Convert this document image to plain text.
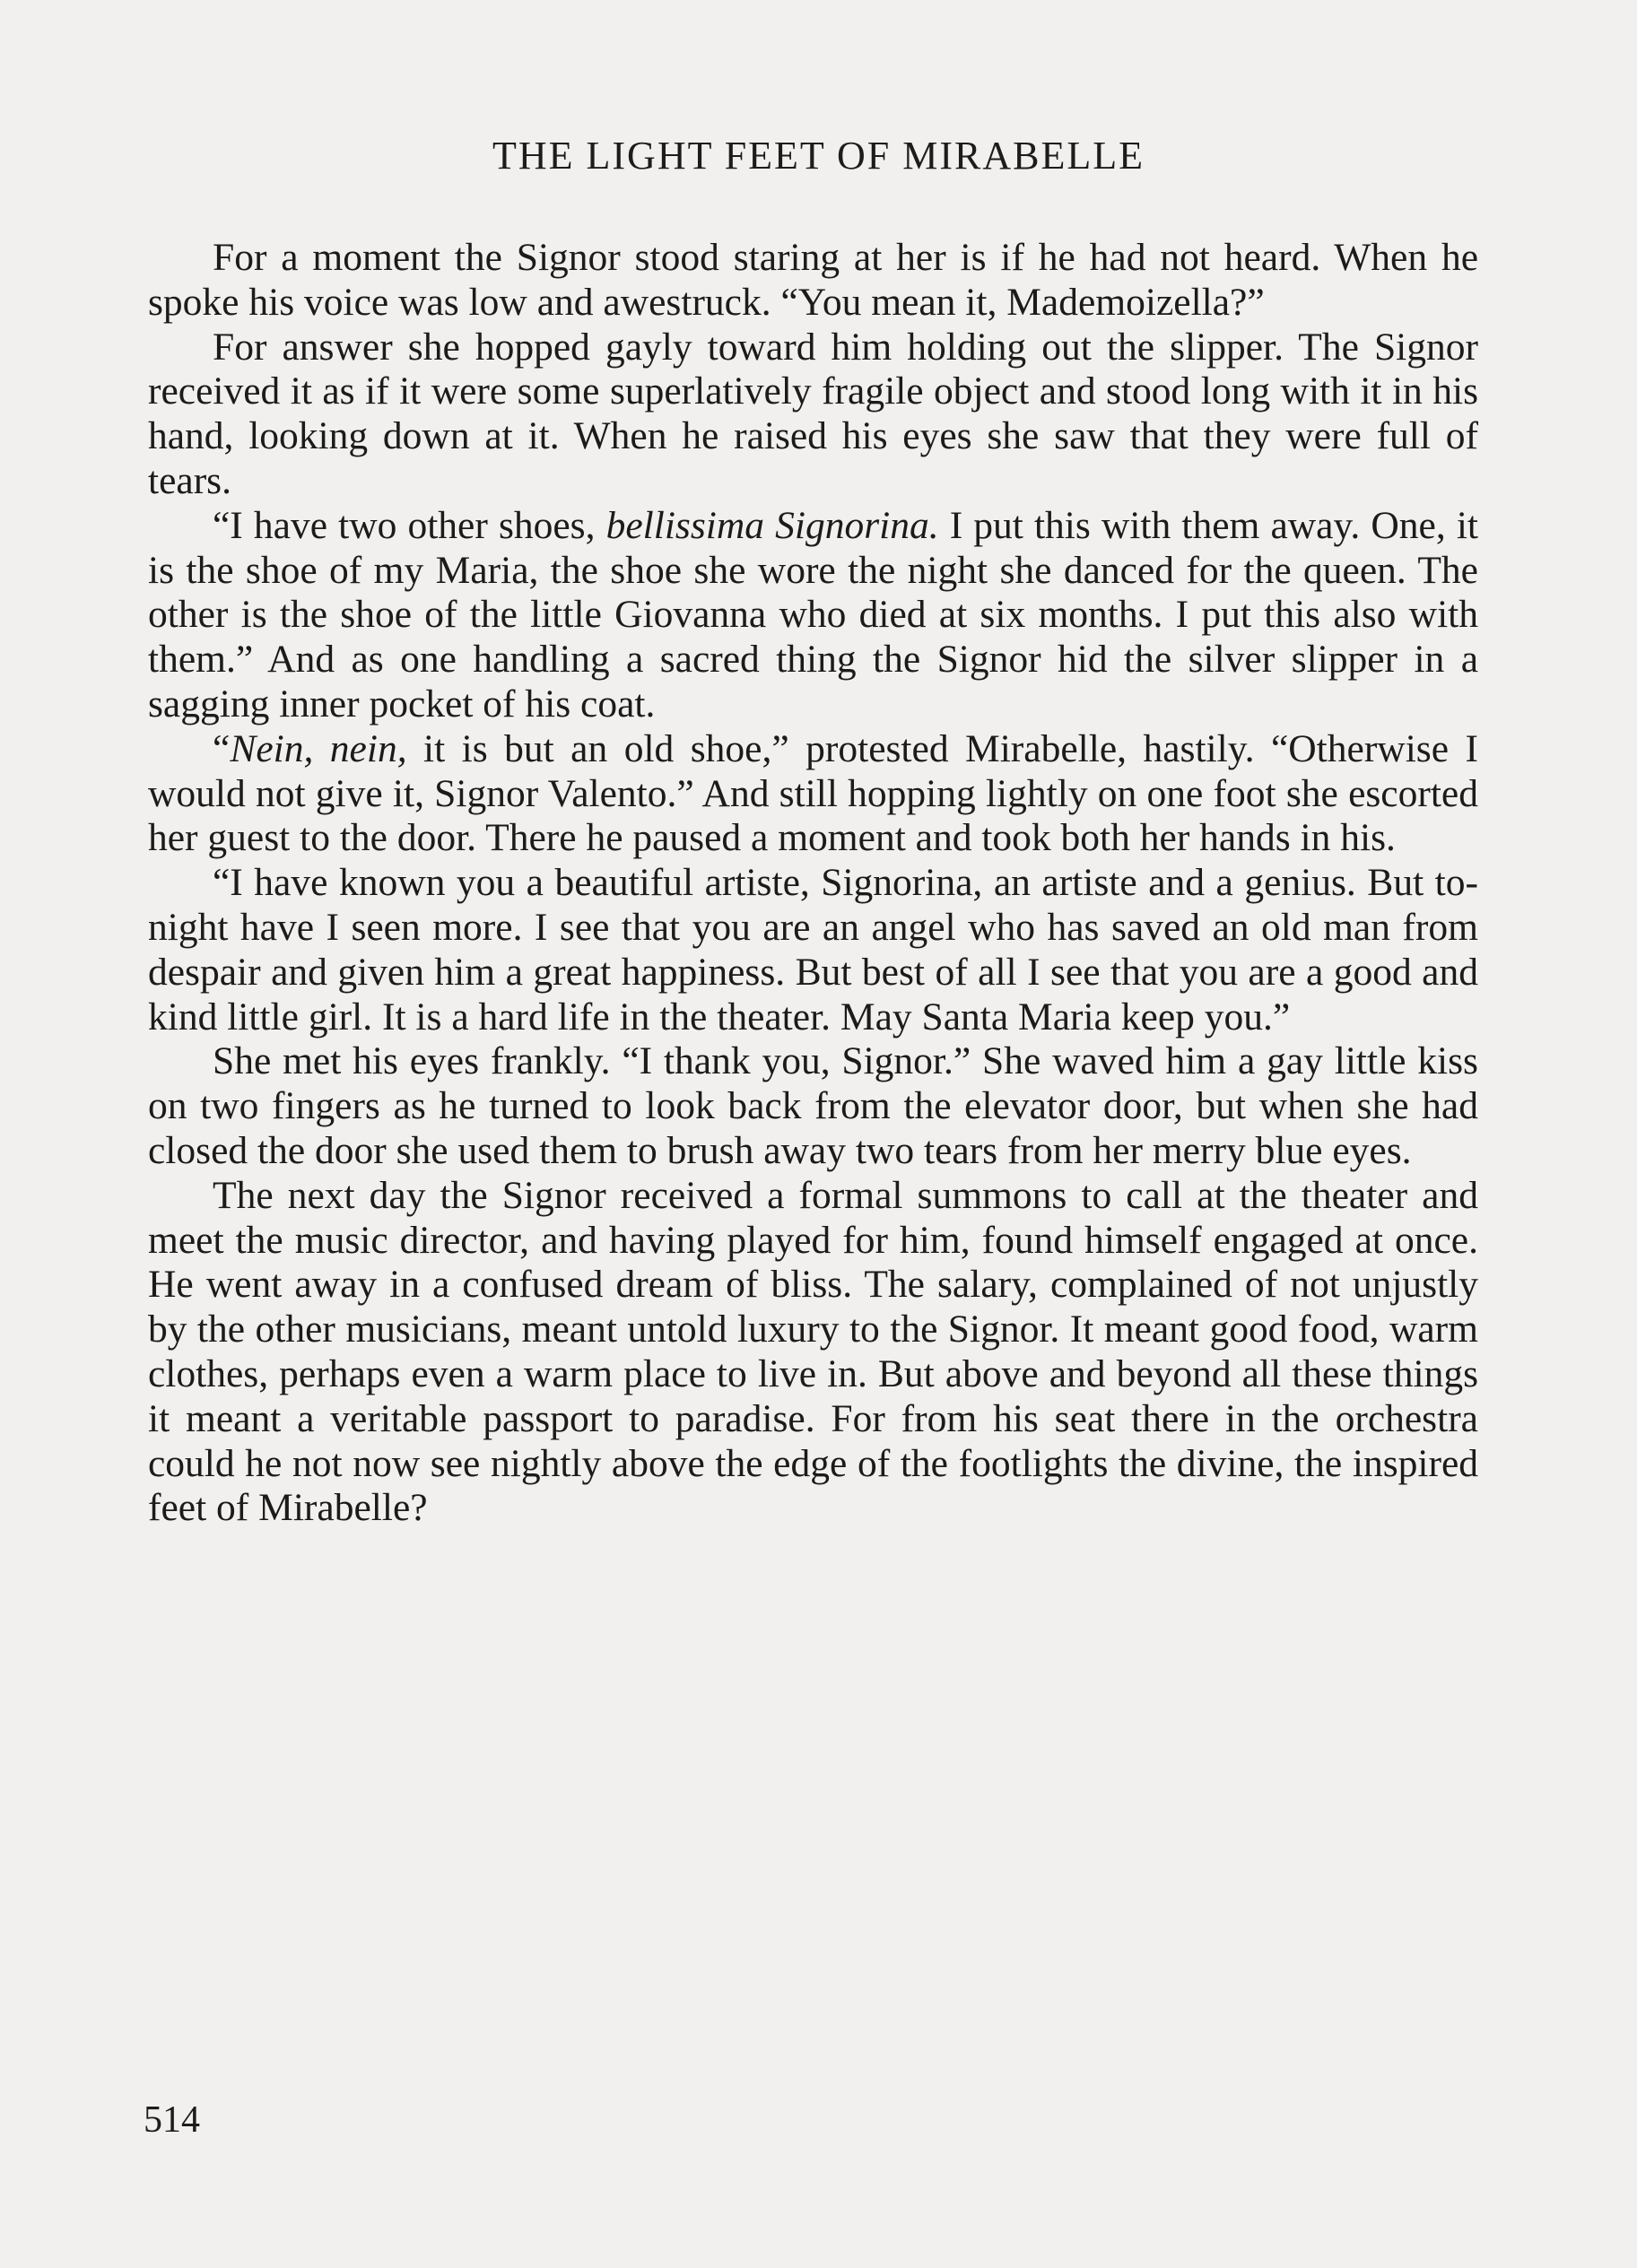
THE LIGHT FEET OF MIRABELLE

For a moment the Signor stood staring at her is if he had not heard. When he spoke his voice was low and awestruck. “You mean it, Mademoizella?”

For answer she hopped gayly toward him holding out the slipper. The Signor received it as if it were some superlatively fragile object and stood long with it in his hand, looking down at it. When he raised his eyes she saw that they were full of tears.

“I have two other shoes, bellissima Signorina. I put this with them away. One, it is the shoe of my Maria, the shoe she wore the night she danced for the queen. The other is the shoe of the little Giovanna who died at six months. I put this also with them.” And as one handling a sacred thing the Signor hid the silver slipper in a sagging inner pocket of his coat.

“Nein, nein, it is but an old shoe,” protested Mirabelle, hastily. “Otherwise I would not give it, Signor Valento.” And still hopping lightly on one foot she escorted her guest to the door. There he paused a moment and took both her hands in his.

“I have known you a beautiful artiste, Signorina, an artiste and a genius. But to-night have I seen more. I see that you are an angel who has saved an old man from despair and given him a great happiness. But best of all I see that you are a good and kind little girl. It is a hard life in the theater. May Santa Maria keep you.”

She met his eyes frankly. “I thank you, Signor.” She waved him a gay little kiss on two fingers as he turned to look back from the elevator door, but when she had closed the door she used them to brush away two tears from her merry blue eyes.

The next day the Signor received a formal summons to call at the theater and meet the music director, and having played for him, found himself engaged at once. He went away in a confused dream of bliss. The salary, complained of not unjustly by the other musicians, meant untold luxury to the Signor. It meant good food, warm clothes, perhaps even a warm place to live in. But above and beyond all these things it meant a veritable passport to paradise. For from his seat there in the orchestra could he not now see nightly above the edge of the footlights the divine, the inspired feet of Mirabelle?

514
